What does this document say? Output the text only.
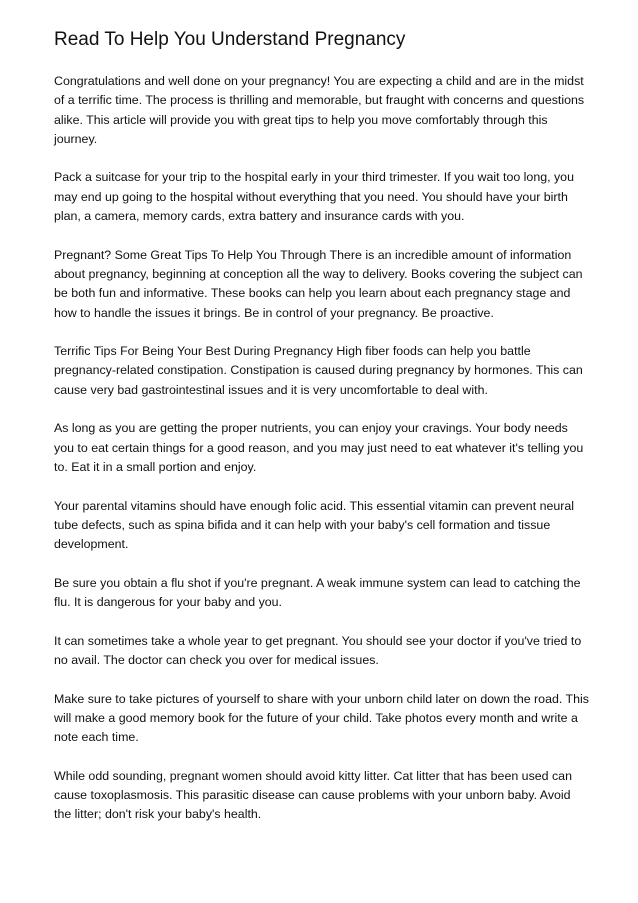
Read To Help You Understand Pregnancy

Congratulations and well done on your pregnancy! You are expecting a child and are in the midst of a terrific time. The process is thrilling and memorable, but fraught with concerns and questions alike. This article will provide you with great tips to help you move comfortably through this journey.

Pack a suitcase for your trip to the hospital early in your third trimester. If you wait too long, you may end up going to the hospital without everything that you need. You should have your birth plan, a camera, memory cards, extra battery and insurance cards with you.

Pregnant? Some Great Tips To Help You Through There is an incredible amount of information about pregnancy, beginning at conception all the way to delivery. Books covering the subject can be both fun and informative. These books can help you learn about each pregnancy stage and how to handle the issues it brings. Be in control of your pregnancy. Be proactive.

Terrific Tips For Being Your Best During Pregnancy High fiber foods can help you battle pregnancy-related constipation. Constipation is caused during pregnancy by hormones. This can cause very bad gastrointestinal issues and it is very uncomfortable to deal with.

As long as you are getting the proper nutrients, you can enjoy your cravings. Your body needs you to eat certain things for a good reason, and you may just need to eat whatever it's telling you to. Eat it in a small portion and enjoy.

Your parental vitamins should have enough folic acid. This essential vitamin can prevent neural tube defects, such as spina bifida and it can help with your baby's cell formation and tissue development.

Be sure you obtain a flu shot if you're pregnant. A weak immune system can lead to catching the flu. It is dangerous for your baby and you.

It can sometimes take a whole year to get pregnant. You should see your doctor if you've tried to no avail. The doctor can check you over for medical issues.

Make sure to take pictures of yourself to share with your unborn child later on down the road. This will make a good memory book for the future of your child. Take photos every month and write a note each time.

While odd sounding, pregnant women should avoid kitty litter. Cat litter that has been used can cause toxoplasmosis. This parasitic disease can cause problems with your unborn baby. Avoid the litter; don't risk your baby's health.
